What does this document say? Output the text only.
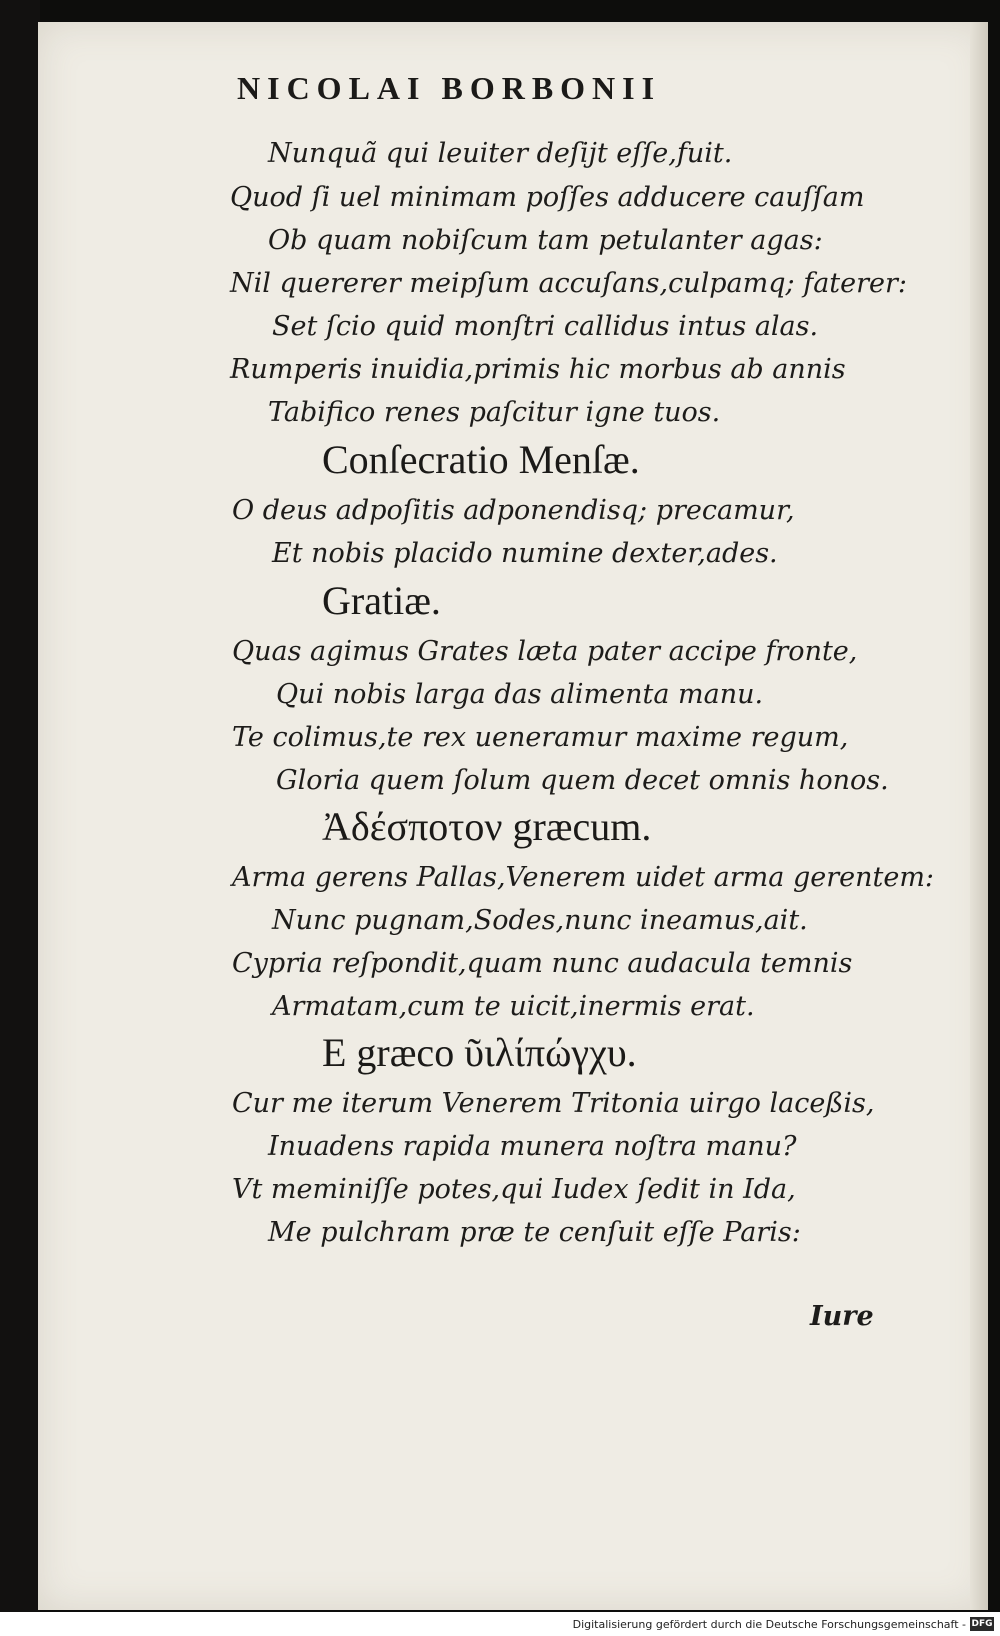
NICOLAI BORBONII
Nunquã qui leuiter deſijt eſſe,fuit.
Quod ſi uel minimam poſſes adducere cauſſam
Ob quam nobiſcum tam petulanter agas:
Nil quererer meipſum accuſans,culpamq; faterer:
Set ſcio quid monſtri callidus intus alas.
Rumperis inuidia,primis hic morbus ab annis
Tabifico renes paſcitur igne tuos.
Conſecratio Menſæ.
O deus adpoſitis adponendisq; precamur,
Et nobis placido numine dexter,ades.
Gratiæ.
Quas agimus Grates læta pater accipe fronte,
Qui nobis larga das alimenta manu.
Te colimus,te rex ueneramur maxime regum,
Gloria quem ſolum quem decet omnis honos.
Ἀδέσποτον græcum.
Arma gerens Pallas,Venerem uidet arma gerentem:
Nunc pugnam,Sodes,nunc ineamus,ait.
Cypria reſpondit,quam nunc audacula temnis
Armatam,cum te uicit,inermis erat.
E græco ῦιλίπώγχυ.
Cur me iterum Venerem Tritonia uirgo laceßis,
Inuadens rapida munera noſtra manu?
Vt meminiſſe potes,qui Iudex ſedit in Ida,
Me pulchram præ te cenſuit eſſe Paris:
Iure
Digitalisierung gefördert durch die Deutsche Forschungsgemeinschaft - DFG
